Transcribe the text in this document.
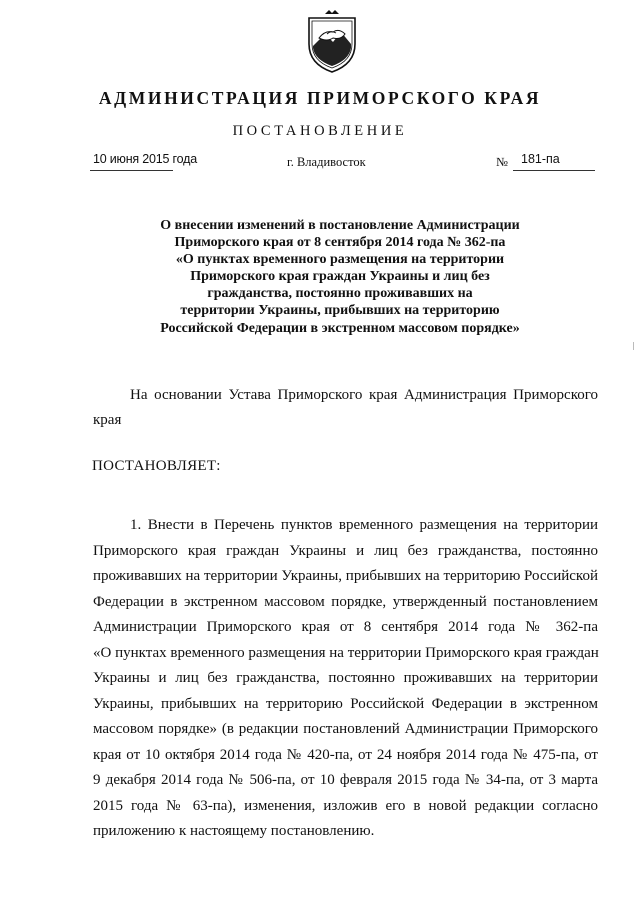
АДМИНИСТРАЦИЯ ПРИМОРСКОГО КРАЯ
ПОСТАНОВЛЕНИЕ
10 июня 2015 года	г. Владивосток	№ 181-па
О внесении изменений в постановление Администрации
Приморского края от 8 сентября 2014 года № 362-па
«О пунктах временного размещения на территории
Приморского края граждан Украины и лиц без
гражданства, постоянно проживавших на
территории Украины, прибывших на территорию
Российской Федерации в экстренном массовом порядке»
На основании Устава Приморского края Администрация Приморского
края
ПОСТАНОВЛЯЕТ:
1. Внести в Перечень пунктов временного размещения на территории
Приморского края граждан Украины и лиц без гражданства, постоянно
проживавших на территории Украины, прибывших на территорию Российской
Федерации в экстренном массовом порядке, утвержденный постановлением
Администрации Приморского края от 8 сентября 2014 года № 362-па
«О пунктах временного размещения на территории Приморского края граждан
Украины и лиц без гражданства, постоянно проживавших на территории
Украины, прибывших на территорию Российской Федерации в экстренном
массовом порядке» (в редакции постановлений Администрации Приморского
края от 10 октября 2014 года № 420-па, от 24 ноября 2014 года № 475-па, от
9 декабря 2014 года № 506-па, от 10 февраля 2015 года № 34-па, от 3 марта
2015 года № 63-па), изменения, изложив его в новой редакции согласно
приложению к настоящему постановлению.
